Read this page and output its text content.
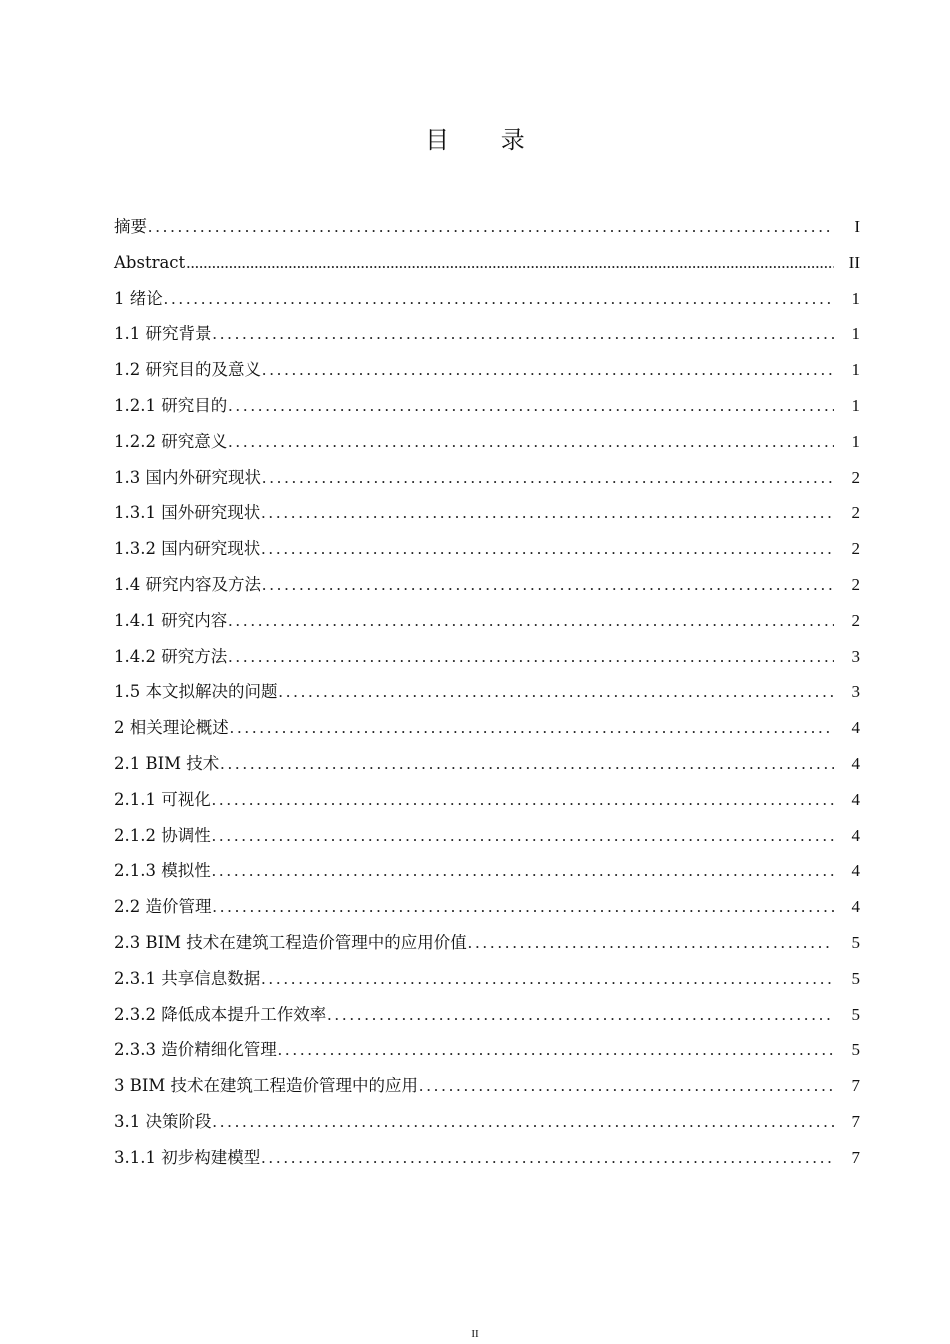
目 录
摘要 .....	I
Abstract .....	II
1 绪论 .....	1
1.1 研究背景 .....	1
1.2 研究目的及意义 .....	1
1.2.1 研究目的 .....	1
1.2.2 研究意义 .....	1
1.3 国内外研究现状 .....	2
1.3.1 国外研究现状 .....	2
1.3.2 国内研究现状 .....	2
1.4 研究内容及方法 .....	2
1.4.1 研究内容 .....	2
1.4.2 研究方法 .....	3
1.5 本文拟解决的问题 .....	3
2 相关理论概述 .....	4
2.1 BIM 技术 .....	4
2.1.1 可视化 .....	4
2.1.2 协调性 .....	4
2.1.3 模拟性 .....	4
2.2 造价管理 .....	4
2.3 BIM 技术在建筑工程造价管理中的应用价值 .....	5
2.3.1 共享信息数据 .....	5
2.3.2 降低成本提升工作效率 .....	5
2.3.3 造价精细化管理 .....	5
3 BIM 技术在建筑工程造价管理中的应用 .....	7
3.1 决策阶段 .....	7
3.1.1 初步构建模型 .....	7
II
